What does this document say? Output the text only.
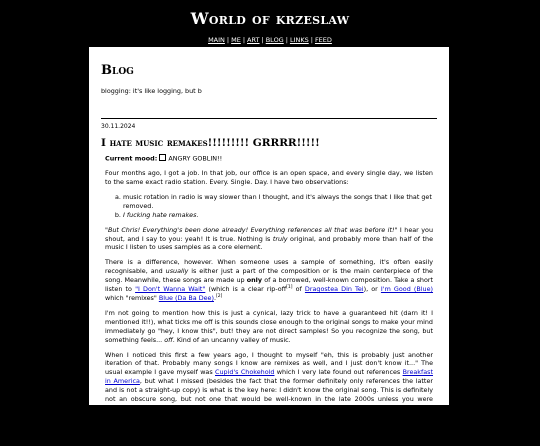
World of krzeslaw
MAIN | ME | ART | BLOG | LINKS | FEED
Blog

blogging: it's like logging, but b

30.11.2024
I hate music remakes!!!!!!!!! GRRRR!!!!!

Current mood: ANGRY GOBLIN!!

Four months ago, I got a job. In that job, our office is an open space, and every single day, we listen to the same exact radio station. Every. Single. Day. I have two observations:

a. music rotation in radio is way slower than I thought, and it's always the songs that I like that get removed.
b. I fucking hate remakes.

"But Chris! Everything's been done already! Everything references all that was before it!" I hear you shout, and I say to you: yeah! It is true. Nothing is truly original, and probably more than half of the music I listen to uses samples as a core element.

There is a difference, however. When someone uses a sample of something, it's often easily recognisable, and usually is either just a part of the composition or is the main centerpiece of the song. Meanwhile, these songs are made up only of a borrowed, well-known composition. Take a short listen to "I Don't Wanna Wait" (which is a clear rip-off[1] of Dragostea Din Tei), or I'm Good (Blue) which "remixes" Blue (Da Ba Dee).[2]

I'm not going to mention how this is just a cynical, lazy trick to have a guaranteed hit (darn it! I mentioned it!!), what ticks me off is this sounds close enough to the original songs to make your mind immediately go "hey, I know this", but! they are not direct samples! So you recognize the song, but something feels... off. Kind of an uncanny valley of music.

When I noticed this first a few years ago, I thought to myself "eh, this is probably just another iteration of that. Probably many songs I know are remixes as well, and I just don't know it..." The usual example I gave myself was Cupid's Chokehold which I very late found out references Breakfast in America, but what I missed (besides the fact that the former definitely only references the latter and is not a straight-up copy) is what is the key here: I didn't know the original song. This is definitely not an obscure song, but not one that would be well-known in the late 2000s unless you were specifically interested in the music (I think? Feel free to correct me).

Everyone knows "Blue". "Numa numa" was a goddamn worldwide meme in the 2000s. I don't know a single person that wouldn't know these songs, and due to the internet culture referencing the early internet culture over and over
